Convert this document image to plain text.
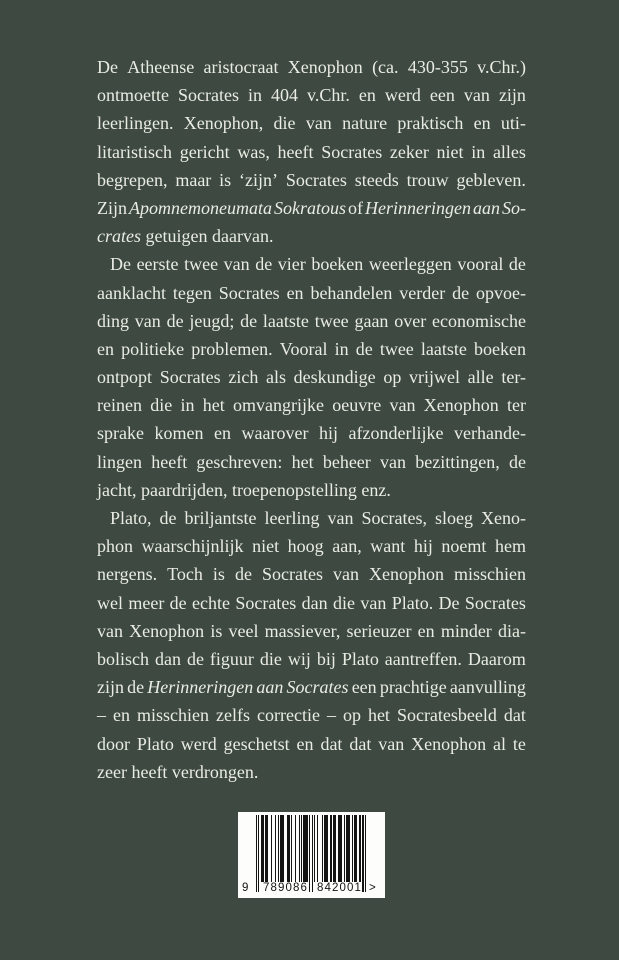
De Atheense aristocraat Xenophon (ca. 430-355 v.Chr.)
ontmoette Socrates in 404 v.Chr. en werd een van zijn
leerlingen. Xenophon, die van nature praktisch en uti-
litaristisch gericht was, heeft Socrates zeker niet in alles
begrepen, maar is ‘zijn’ Socrates steeds trouw gebleven.
Zijn Apomnemoneumata Sokratous of Herinneringen aan So-
crates getuigen daarvan.
De eerste twee van de vier boeken weerleggen vooral de
aanklacht tegen Socrates en behandelen verder de opvoe-
ding van de jeugd; de laatste twee gaan over economische
en politieke problemen. Vooral in de twee laatste boeken
ontpopt Socrates zich als deskundige op vrijwel alle ter-
reinen die in het omvangrijke oeuvre van Xenophon ter
sprake komen en waarover hij afzonderlijke verhande-
lingen heeft geschreven: het beheer van bezittingen, de
jacht, paardrijden, troepenopstelling enz.
Plato, de briljantste leerling van Socrates, sloeg Xeno-
phon waarschijnlijk niet hoog aan, want hij noemt hem
nergens. Toch is de Socrates van Xenophon misschien
wel meer de echte Socrates dan die van Plato. De Socrates
van Xenophon is veel massiever, serieuzer en minder dia-
bolisch dan de figuur die wij bij Plato aantreffen. Daarom
zijn de Herinneringen aan Socrates een prachtige aanvulling
– en misschien zelfs correctie – op het Socratesbeeld dat
door Plato werd geschetst en dat dat van Xenophon al te
zeer heeft verdrongen.
9 789086 842001 >
